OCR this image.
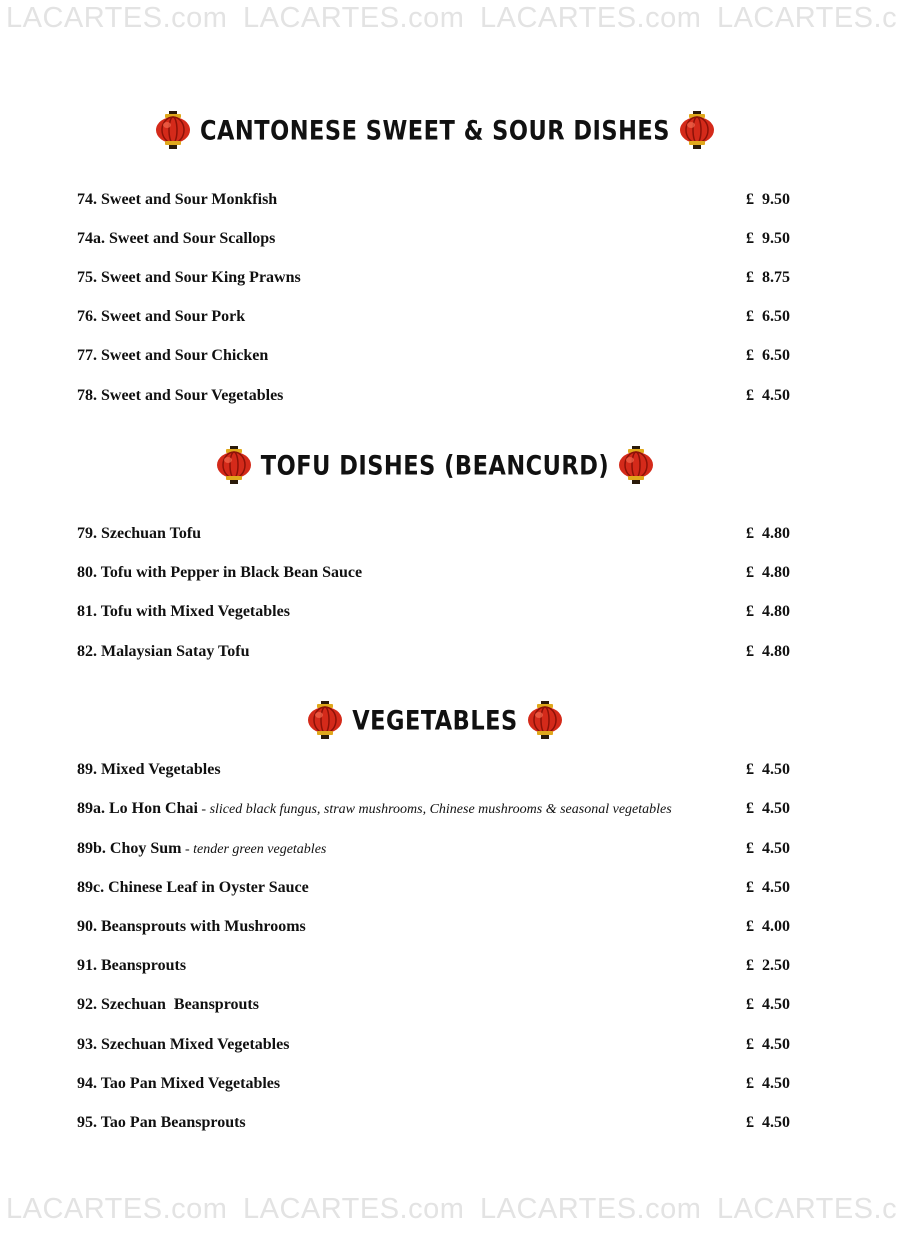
LACARTES.com LACARTES.com LACARTES.com LACARTES.c
LACARTES.com LACARTES.com LACARTES.com LACARTES.c
CANTONESE SWEET & SOUR DISHES
74. Sweet and Sour Monkfish	£  9.50
74a. Sweet and Sour Scallops	£  9.50
75. Sweet and Sour King Prawns	£  8.75
76. Sweet and Sour Pork	£  6.50
77. Sweet and Sour Chicken	£  6.50
78. Sweet and Sour Vegetables	£  4.50
TOFU DISHES (BEANCURD)
79. Szechuan Tofu	£  4.80
80. Tofu with Pepper in Black Bean Sauce	£  4.80
81. Tofu with Mixed Vegetables	£  4.80
82. Malaysian Satay Tofu	£  4.80
VEGETABLES
89. Mixed Vegetables	£  4.50
89a. Lo Hon Chai - sliced black fungus, straw mushrooms, Chinese mushrooms & seasonal vegetables	£  4.50
89b. Choy Sum - tender green vegetables	£  4.50
89c. Chinese Leaf in Oyster Sauce	£  4.50
90. Beansprouts with Mushrooms	£  4.00
91. Beansprouts	£  2.50
92. Szechuan  Beansprouts	£  4.50
93. Szechuan Mixed Vegetables	£  4.50
94. Tao Pan Mixed Vegetables	£  4.50
95. Tao Pan Beansprouts	£  4.50
